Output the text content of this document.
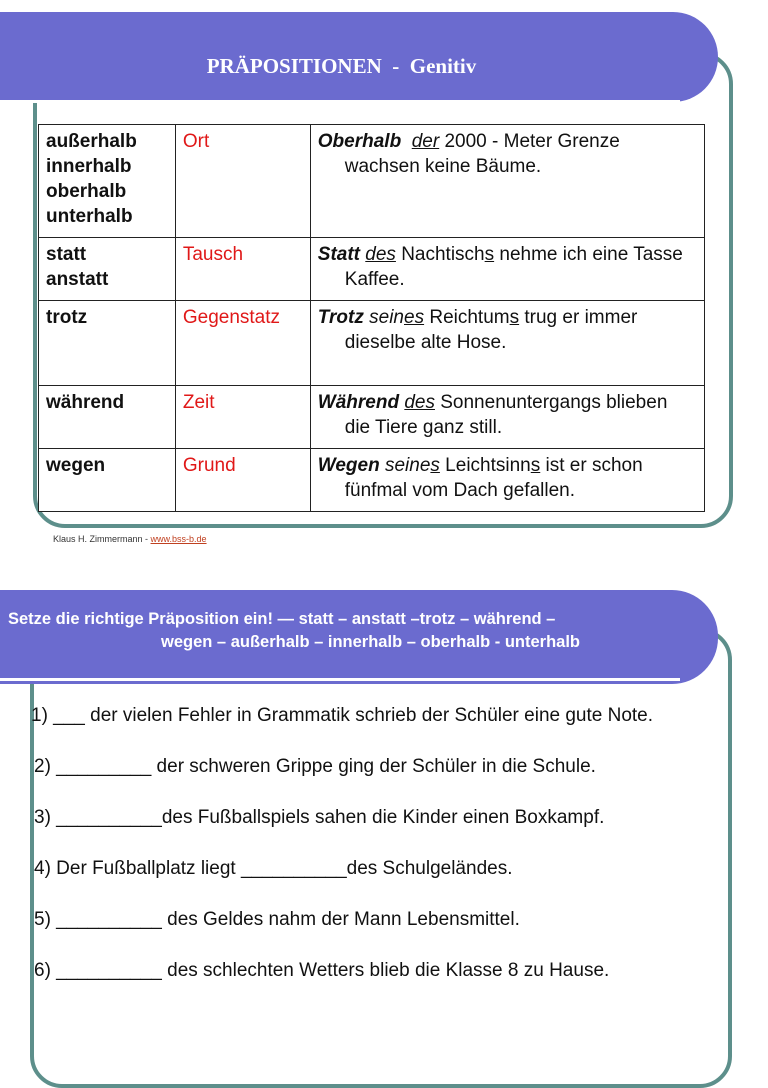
PRÄPOSITIONEN  -  Genitiv
außerhalb
innerhalb
oberhalb
unterhalb	Ort	Oberhalb der 2000 - Meter Grenze wachsen keine Bäume.

statt
anstatt	Tausch	Statt des Nachtischs nehme ich eine Tasse Kaffee.

trotz	Gegenstatz	Trotz seines Reichtums trug er immer dieselbe alte Hose.

während	Zeit	Während des Sonnenuntergangs blieben die Tiere ganz still.

wegen	Grund	Wegen seines Leichtsinns ist er schon fünfmal vom Dach gefallen.
Klaus H. Zimmermann - www.bss-b.de
Setze die richtige Präposition ein! — statt – anstatt –trotz – während –
wegen – außerhalb – innerhalb – oberhalb - unterhalb
1) ___ der vielen Fehler in Grammatik schrieb der Schüler eine gute Note.
2) _________ der schweren Grippe ging der Schüler in die Schule.
3) __________des Fußballspiels sahen die Kinder einen Boxkampf.
4) Der Fußballplatz liegt __________des Schulgeländes.
5) __________ des Geldes nahm der Mann Lebensmittel.
6) __________ des schlechten Wetters blieb die Klasse 8 zu Hause.
